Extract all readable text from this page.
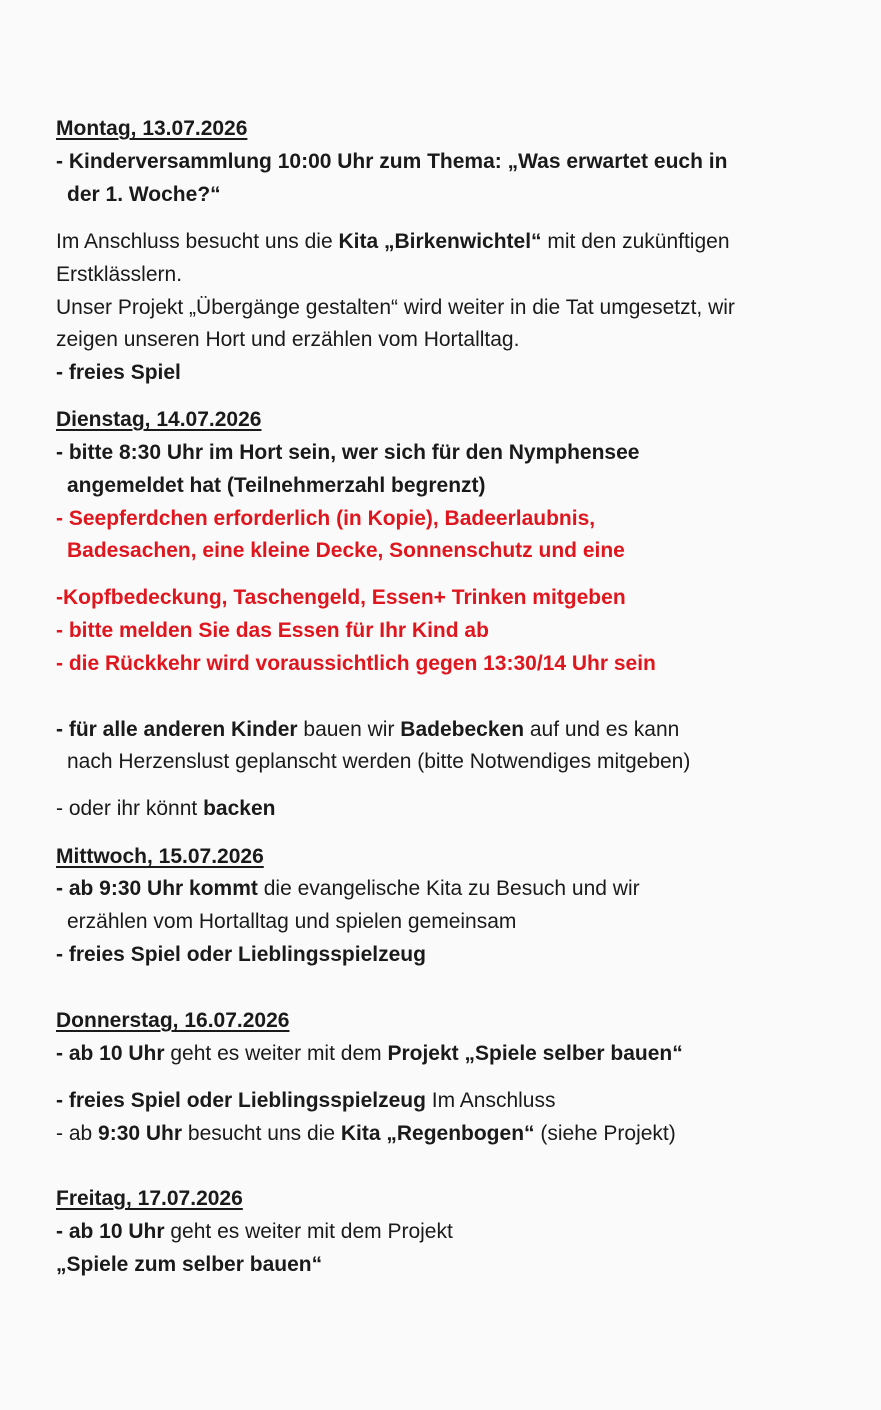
Montag, 13.07.2026
- Kinderversammlung 10:00 Uhr zum Thema: „Was erwartet euch in
der 1. Woche?“
Im Anschluss besucht uns die Kita „Birkenwichtel“ mit den zukünftigen
Erstklässlern.
Unser Projekt „Übergänge gestalten“ wird weiter in die Tat umgesetzt, wir
zeigen unseren Hort und erzählen vom Hortalltag.
- freies Spiel
Dienstag, 14.07.2026
- bitte 8:30 Uhr im Hort sein, wer sich für den Nymphensee
angemeldet hat (Teilnehmerzahl begrenzt)
- Seepferdchen erforderlich (in Kopie), Badeerlaubnis,
Badesachen, eine kleine Decke, Sonnenschutz und eine
-Kopfbedeckung, Taschengeld, Essen+ Trinken mitgeben
- bitte melden Sie das Essen für Ihr Kind ab
- die Rückkehr wird voraussichtlich gegen 13:30/14 Uhr sein
- für alle anderen Kinder bauen wir Badebecken auf und es kann
nach Herzenslust geplanscht werden (bitte Notwendiges mitgeben)
- oder ihr könnt backen
Mittwoch, 15.07.2026
- ab 9:30 Uhr kommt die evangelische Kita zu Besuch und wir
erzählen vom Hortalltag und spielen gemeinsam
- freies Spiel oder Lieblingsspielzeug
Donnerstag, 16.07.2026
- ab 10 Uhr geht es weiter mit dem Projekt „Spiele selber bauen“
- freies Spiel oder Lieblingsspielzeug Im Anschluss
- ab 9:30 Uhr besucht uns die Kita „Regenbogen“ (siehe Projekt)
Freitag, 17.07.2026
- ab 10 Uhr geht es weiter mit dem Projekt
„Spiele zum selber bauen“
